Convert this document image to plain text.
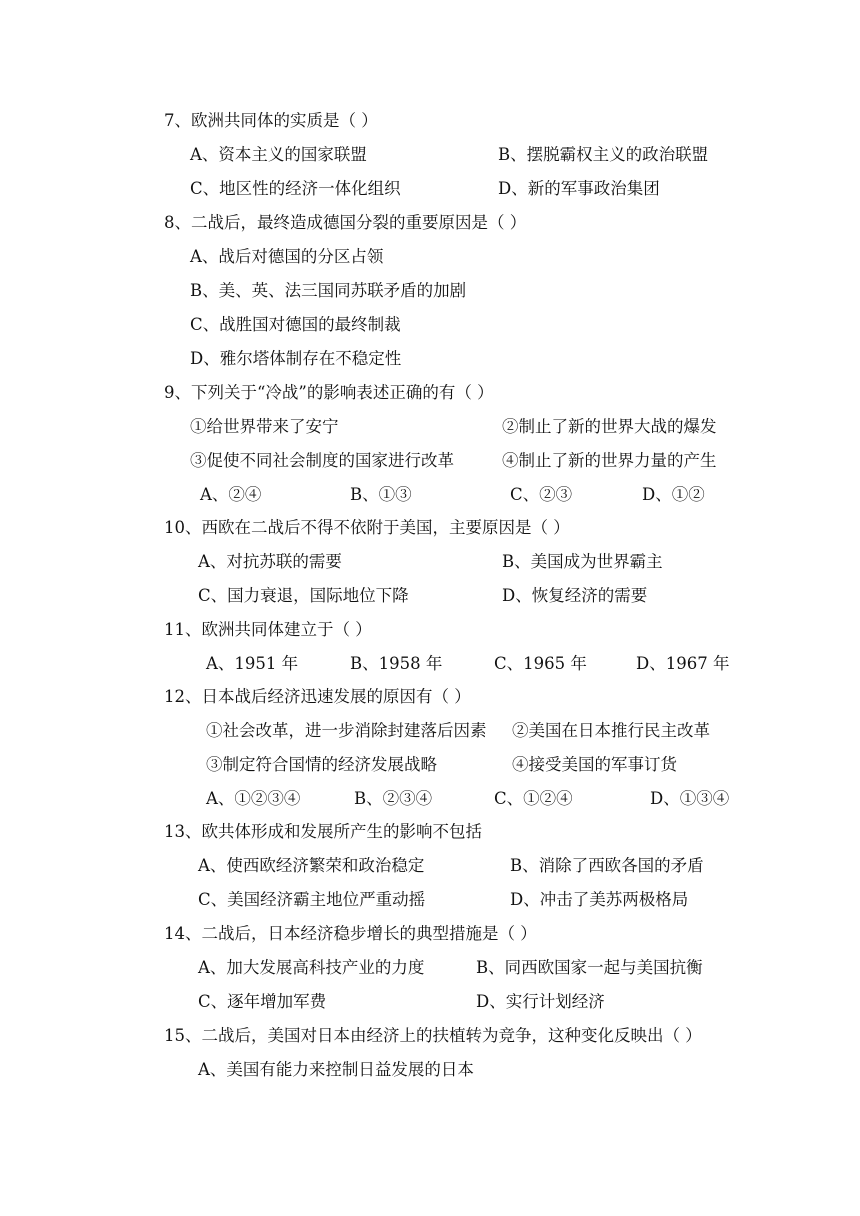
7、欧洲共同体的实质是（ ）
A、资本主义的国家联盟	B、摆脱霸权主义的政治联盟
C、地区性的经济一体化组织	D、新的军事政治集团
8、二战后，最终造成德国分裂的重要原因是（ ）
A、战后对德国的分区占领
B、美、英、法三国同苏联矛盾的加剧
C、战胜国对德国的最终制裁
D、雅尔塔体制存在不稳定性
9、下列关于“冷战”的影响表述正确的有（ ）
①给世界带来了安宁	②制止了新的世界大战的爆发
③促使不同社会制度的国家进行改革	④制止了新的世界力量的产生
A、②④	B、①③	C、②③	D、①②
10、西欧在二战后不得不依附于美国，主要原因是（ ）
A、对抗苏联的需要	B、美国成为世界霸主
C、国力衰退，国际地位下降	D、恢复经济的需要
11、欧洲共同体建立于（ ）
A、1951 年	B、1958 年	C、1965 年	D、1967 年
12、日本战后经济迅速发展的原因有（ ）
①社会改革，进一步消除封建落后因素 ②美国在日本推行民主改革
③制定符合国情的经济发展战略	④接受美国的军事订货
A、①②③④	B、②③④	C、①②④	D、①③④
13、欧共体形成和发展所产生的影响不包括
A、使西欧经济繁荣和政治稳定	B、消除了西欧各国的矛盾
C、美国经济霸主地位严重动摇	D、冲击了美苏两极格局
14、二战后，日本经济稳步增长的典型措施是（ ）
A、加大发展高科技产业的力度	B、同西欧国家一起与美国抗衡
C、逐年增加军费	D、实行计划经济
15、二战后，美国对日本由经济上的扶植转为竞争，这种变化反映出（ ）
A、美国有能力来控制日益发展的日本
